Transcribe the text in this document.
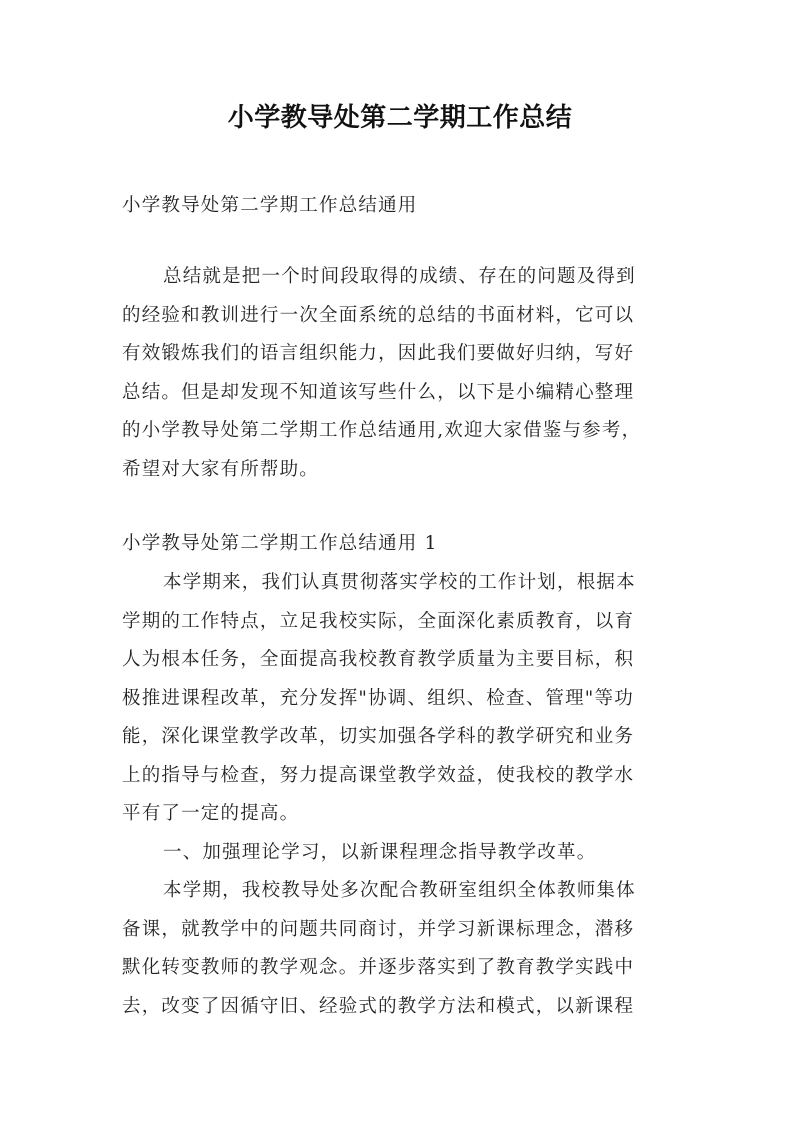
小学教导处第二学期工作总结

小学教导处第二学期工作总结通用

总结就是把一个时间段取得的成绩、存在的问题及得到
的经验和教训进行一次全面系统的总结的书面材料，它可以
有效锻炼我们的语言组织能力，因此我们要做好归纳，写好
总结。但是却发现不知道该写些什么，以下是小编精心整理
的小学教导处第二学期工作总结通用,欢迎大家借鉴与参考，
希望对大家有所帮助。

小学教导处第二学期工作总结通用 1

本学期来，我们认真贯彻落实学校的工作计划，根据本
学期的工作特点，立足我校实际，全面深化素质教育，以育
人为根本任务，全面提高我校教育教学质量为主要目标，积
极推进课程改革，充分发挥"协调、组织、检查、管理"等功
能，深化课堂教学改革，切实加强各学科的教学研究和业务
上的指导与检查，努力提高课堂教学效益，使我校的教学水
平有了一定的提高。
一、加强理论学习，以新课程理念指导教学改革。
本学期，我校教导处多次配合教研室组织全体教师集体
备课，就教学中的问题共同商讨，并学习新课标理念，潜移
默化转变教师的教学观念。并逐步落实到了教育教学实践中
去，改变了因循守旧、经验式的教学方法和模式，以新课程
